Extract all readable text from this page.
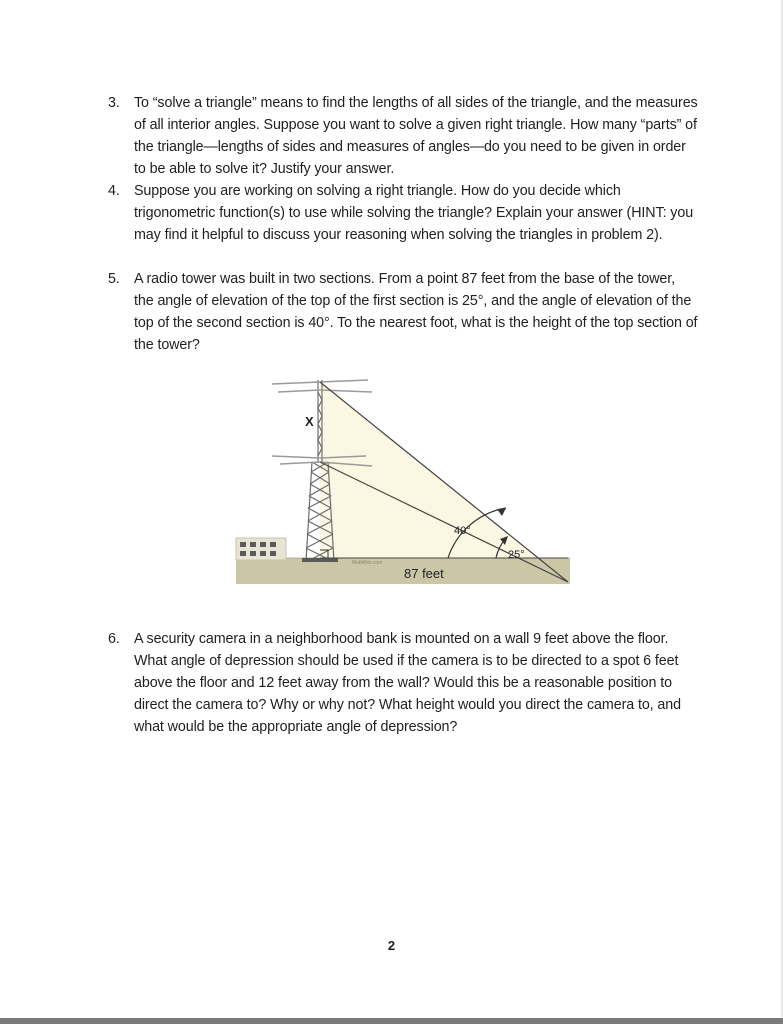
3. To “solve a triangle” means to find the lengths of all sides of the triangle, and the measures of all interior angles. Suppose you want to solve a given right triangle. How many “parts” of the triangle—lengths of sides and measures of angles—do you need to be given in order to be able to solve it? Justify your answer.
4. Suppose you are working on solving a right triangle. How do you decide which trigonometric function(s) to use while solving the triangle? Explain your answer (HINT: you may find it helpful to discuss your reasoning when solving the triangles in problem 2).
5. A radio tower was built in two sections. From a point 87 feet from the base of the tower, the angle of elevation of the top of the first section is 25°, and the angle of elevation of the top of the second section is 40°. To the nearest foot, what is the height of the top section of the tower?
X
40°
25°
87 feet
MathBits.com
6. A security camera in a neighborhood bank is mounted on a wall 9 feet above the floor. What angle of depression should be used if the camera is to be directed to a spot 6 feet above the floor and 12 feet away from the wall? Would this be a reasonable position to direct the camera to? Why or why not? What height would you direct the camera to, and what would be the appropriate angle of depression?
2
